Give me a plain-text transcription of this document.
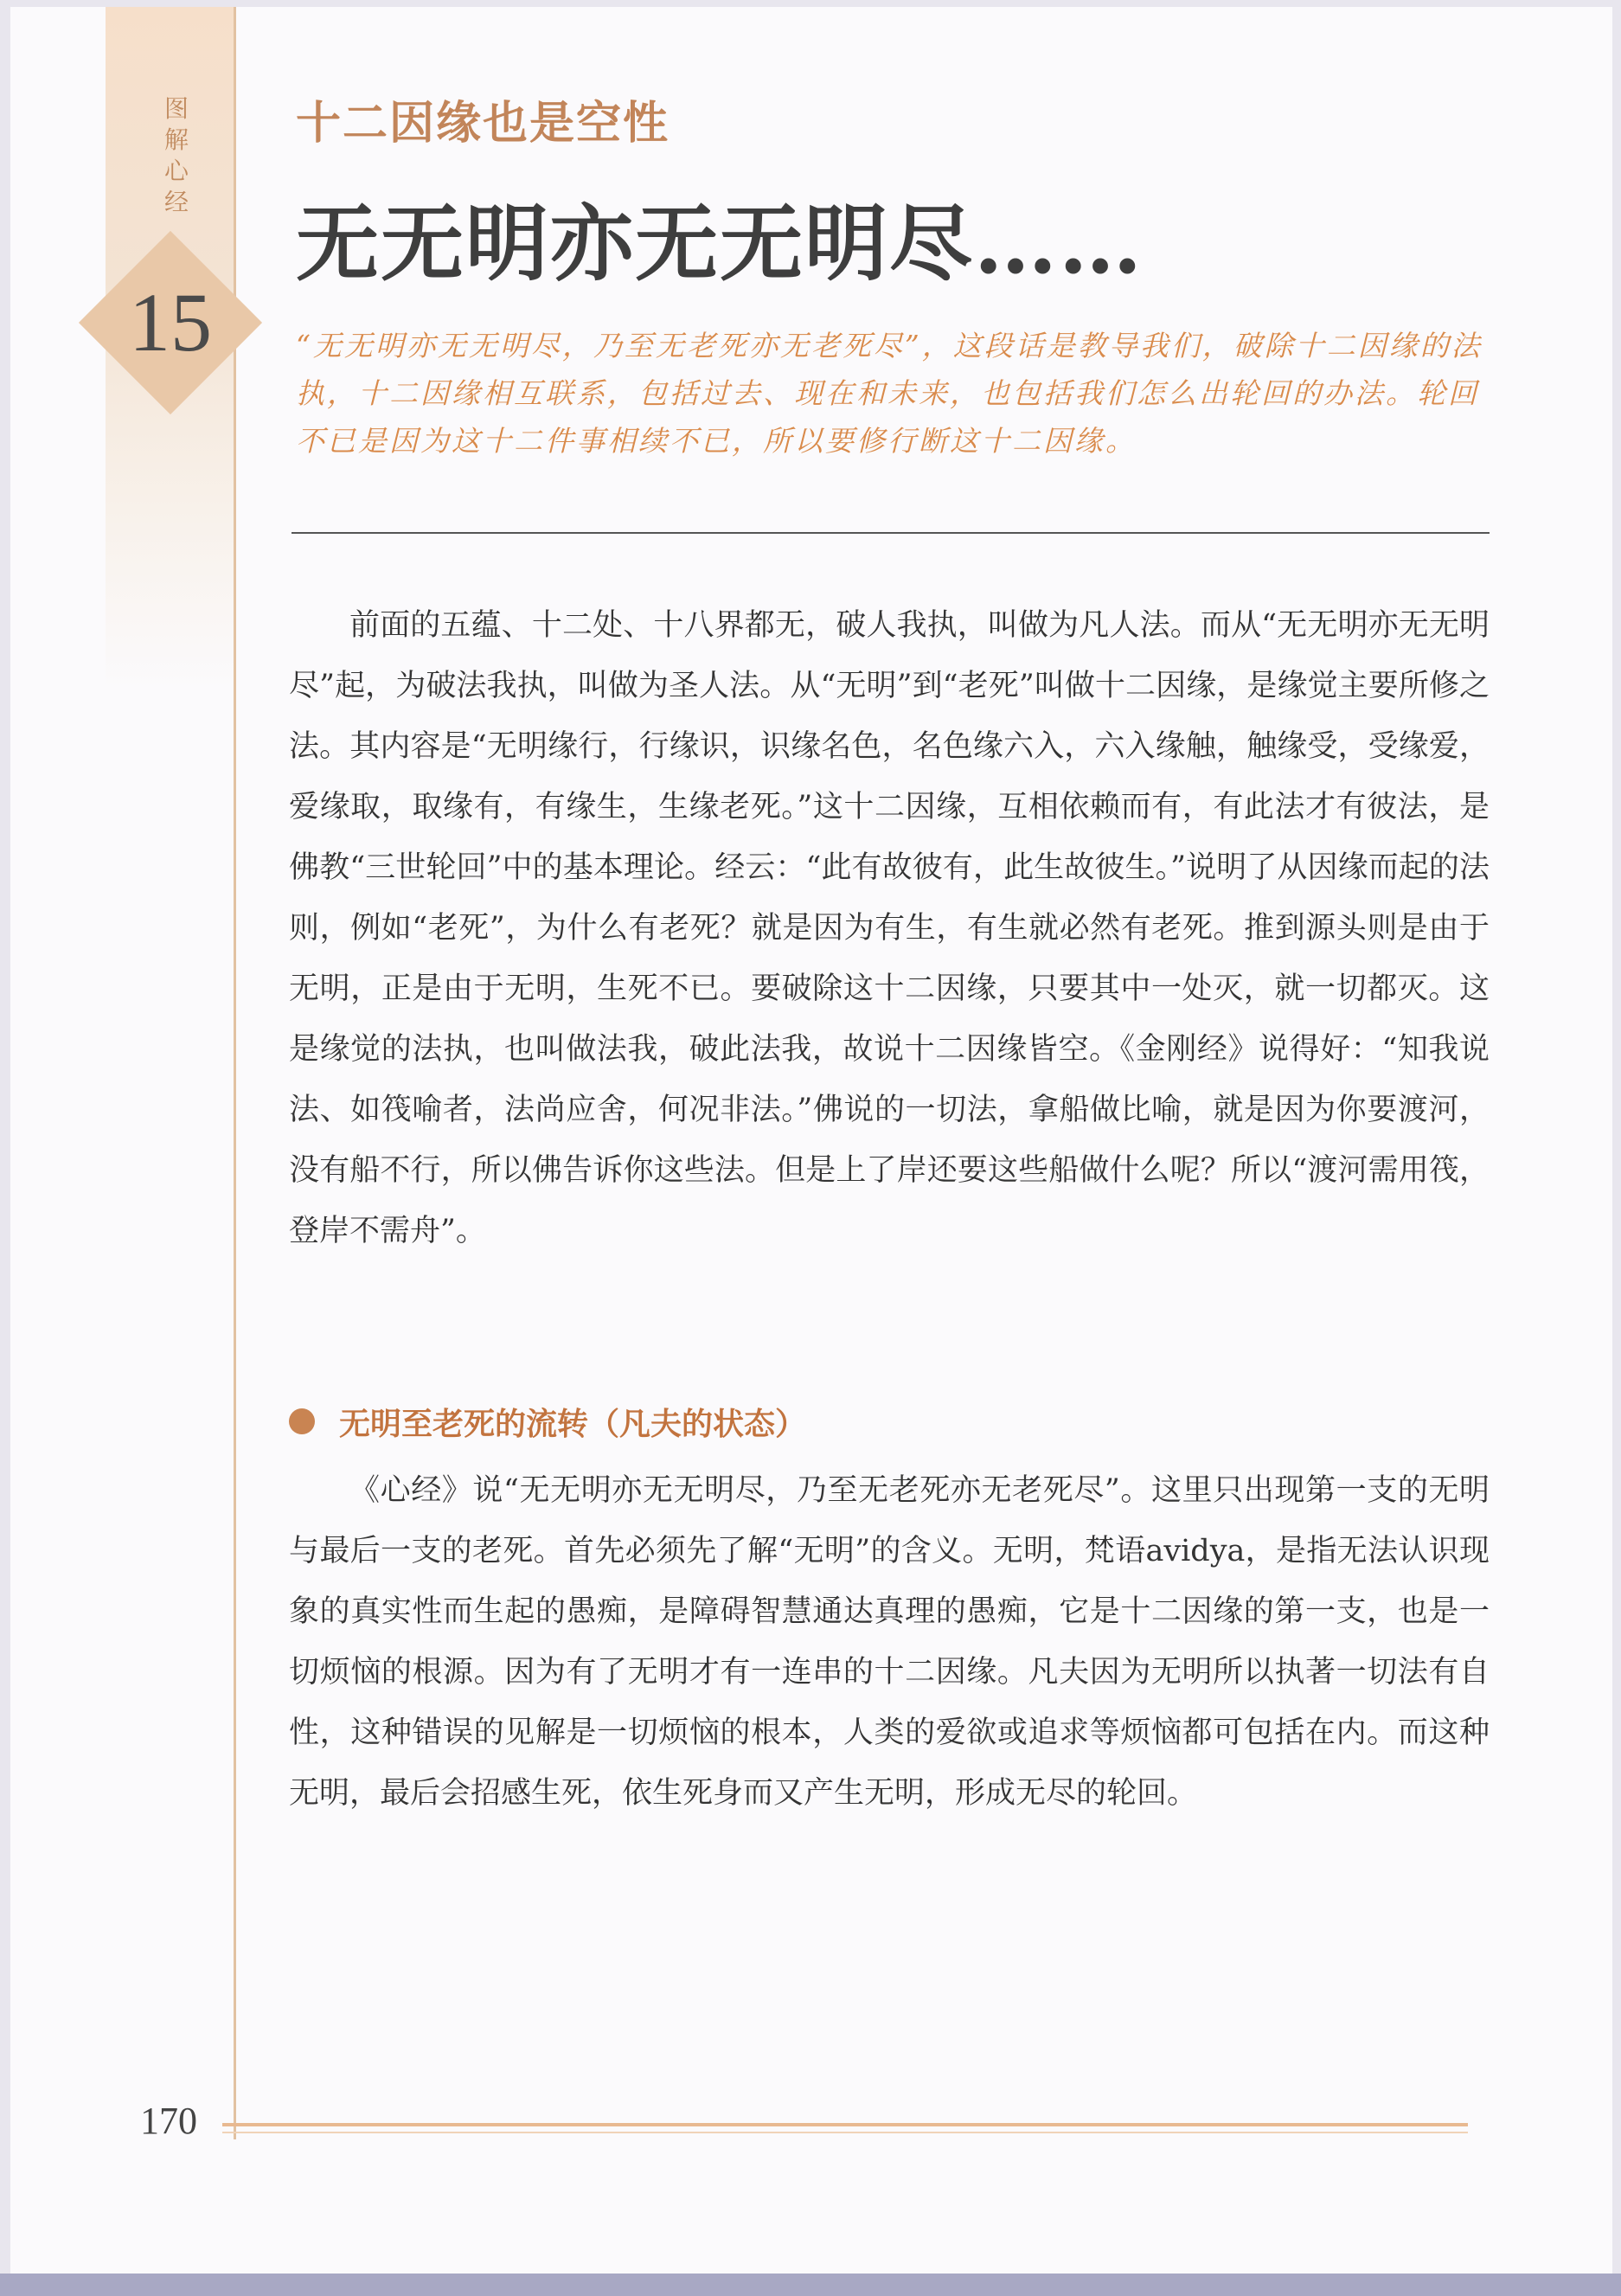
图解心经
15
十二因缘也是空性
无无明亦无无明尽……
“无无明亦无无明尽，乃至无老死亦无老死尽”，这段话是教导我们，破除十二因缘的法执，十二因缘相互联系，包括过去、现在和未来，也包括我们怎么出轮回的办法。轮回不已是因为这十二件事相续不已，所以要修行断这十二因缘。

前面的五蕴、十二处、十八界都无，破人我执，叫做为凡人法。而从“无无明亦无无明尽”起，为破法我执，叫做为圣人法。从“无明”到“老死”叫做十二因缘，是缘觉主要所修之法。其内容是“无明缘行，行缘识，识缘名色，名色缘六入，六入缘触，触缘受，受缘爱，爱缘取，取缘有，有缘生，生缘老死。”这十二因缘，互相依赖而有，有此法才有彼法，是佛教“三世轮回”中的基本理论。经云：“此有故彼有，此生故彼生。”说明了从因缘而起的法则，例如“老死”，为什么有老死？就是因为有生，有生就必然有老死。推到源头则是由于无明，正是由于无明，生死不已。要破除这十二因缘，只要其中一处灭，就一切都灭。这是缘觉的法执，也叫做法我，破此法我，故说十二因缘皆空。《金刚经》说得好：“知我说法、如筏喻者，法尚应舍，何况非法。”佛说的一切法，拿船做比喻，就是因为你要渡河，没有船不行，所以佛告诉你这些法。但是上了岸还要这些船做什么呢？所以“渡河需用筏，登岸不需舟”。

无明至老死的流转（凡夫的状态）

《心经》说“无无明亦无无明尽，乃至无老死亦无老死尽”。这里只出现第一支的无明与最后一支的老死。首先必须先了解“无明”的含义。无明，梵语avidya，是指无法认识现象的真实性而生起的愚痴，是障碍智慧通达真理的愚痴，它是十二因缘的第一支，也是一切烦恼的根源。因为有了无明才有一连串的十二因缘。凡夫因为无明所以执著一切法有自性，这种错误的见解是一切烦恼的根本，人类的爱欲或追求等烦恼都可包括在内。而这种无明，最后会招感生死，依生死身而又产生无明，形成无尽的轮回。

170
